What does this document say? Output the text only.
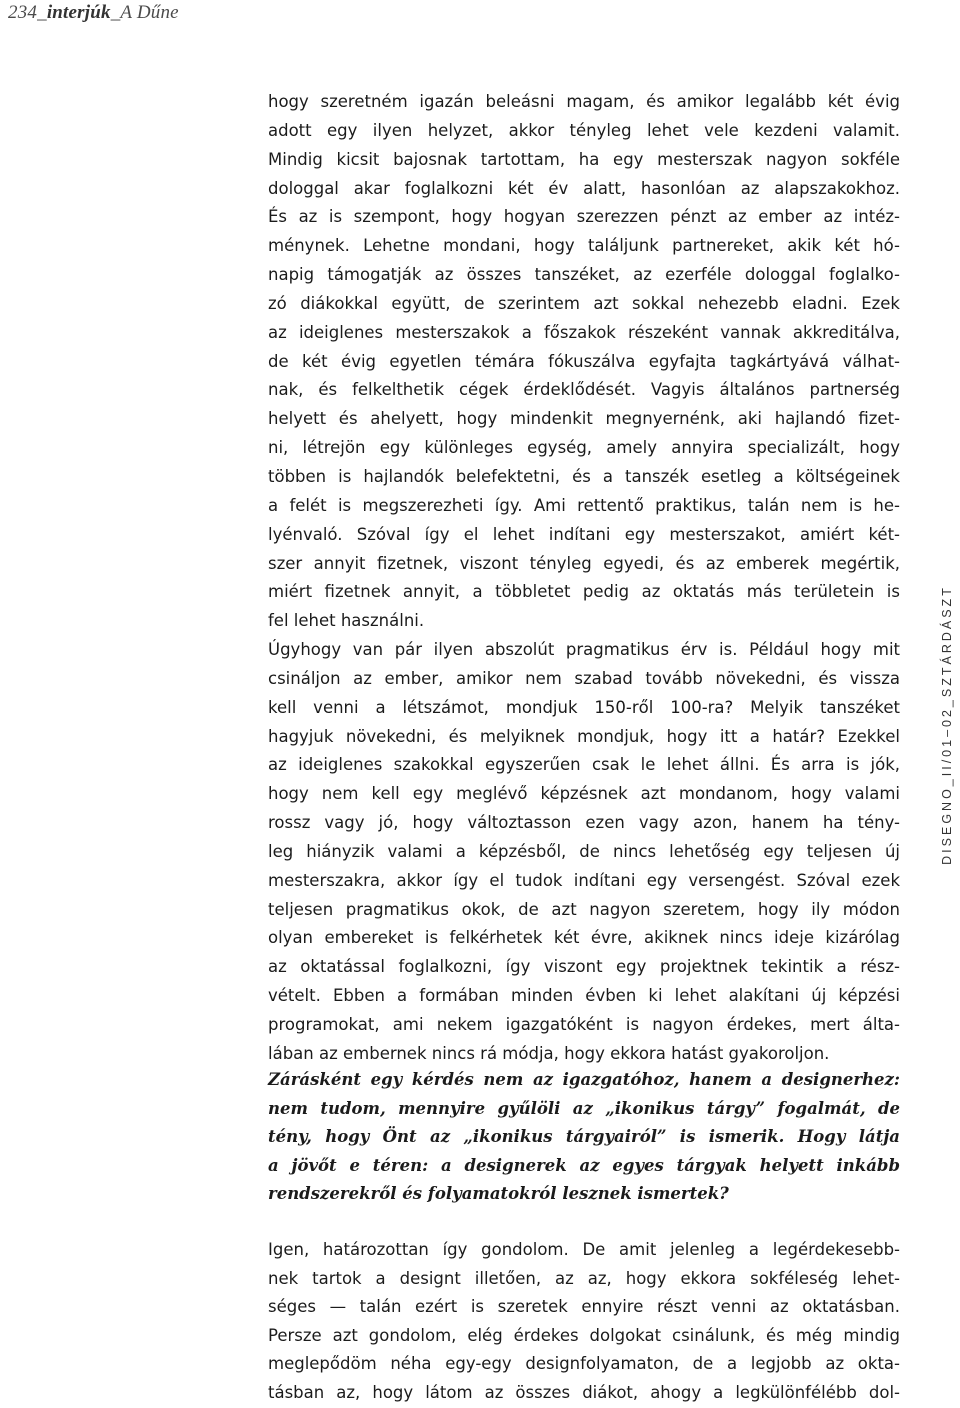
234_interjúk_A Dűne
DISEGNO_II/01–02_SZTÁRDÁSZT
hogy szeretném igazán beleásni magam, és amikor legalább két évig
adott egy ilyen helyzet, akkor tényleg lehet vele kezdeni valamit.
Mindig kicsit bajosnak tartottam, ha egy mesterszak nagyon sokféle
dologgal akar foglalkozni két év alatt, hasonlóan az alapszakokhoz.
És az is szempont, hogy hogyan szerezzen pénzt az ember az intéz-
ménynek. Lehetne mondani, hogy találjunk partnereket, akik két hó-
napig támogatják az összes tanszéket, az ezerféle dologgal foglalko-
zó diákokkal együtt, de szerintem azt sokkal nehezebb eladni. Ezek
az ideiglenes mesterszakok a főszakok részeként vannak akkreditálva,
de két évig egyetlen témára fókuszálva egyfajta tagkártyává válhat-
nak, és felkelthetik cégek érdeklődését. Vagyis általános partnerség
helyett és ahelyett, hogy mindenkit megnyernénk, aki hajlandó fizet-
ni, létrejön egy különleges egység, amely annyira specializált, hogy
többen is hajlandók belefektetni, és a tanszék esetleg a költségeinek
a felét is megszerezheti így. Ami rettentő praktikus, talán nem is he-
lyénvaló. Szóval így el lehet indítani egy mesterszakot, amiért két-
szer annyit fizetnek, viszont tényleg egyedi, és az emberek megértik,
miért fizetnek annyit, a többletet pedig az oktatás más területein is
fel lehet használni.
Úgyhogy van pár ilyen abszolút pragmatikus érv is. Például hogy mit
csináljon az ember, amikor nem szabad tovább növekedni, és vissza
kell venni a létszámot, mondjuk 150-ről 100-ra? Melyik tanszéket
hagyjuk növekedni, és melyiknek mondjuk, hogy itt a határ? Ezekkel
az ideiglenes szakokkal egyszerűen csak le lehet állni. És arra is jók,
hogy nem kell egy meglévő képzésnek azt mondanom, hogy valami
rossz vagy jó, hogy változtasson ezen vagy azon, hanem ha tény-
leg hiányzik valami a képzésből, de nincs lehetőség egy teljesen új
mesterszakra, akkor így el tudok indítani egy versengést. Szóval ezek
teljesen pragmatikus okok, de azt nagyon szeretem, hogy ily módon
olyan embereket is felkérhetek két évre, akiknek nincs ideje kizárólag
az oktatással foglalkozni, így viszont egy projektnek tekintik a rész-
vételt. Ebben a formában minden évben ki lehet alakítani új képzési
programokat, ami nekem igazgatóként is nagyon érdekes, mert álta-
lában az embernek nincs rá módja, hogy ekkora hatást gyakoroljon.
Zárásként egy kérdés nem az igazgatóhoz, hanem a designerhez:
nem tudom, mennyire gyűlöli az „ikonikus tárgy” fogalmát, de
tény, hogy Önt az „ikonikus tárgyairól” is ismerik. Hogy látja
a jövőt e téren: a designerek az egyes tárgyak helyett inkább
rendszerekről és folyamatokról lesznek ismertek?
Igen, határozottan így gondolom. De amit jelenleg a legérdekesebb-
nek tartok a designt illetően, az az, hogy ekkora sokféleség lehet-
séges — talán ezért is szeretek ennyire részt venni az oktatásban.
Persze azt gondolom, elég érdekes dolgokat csinálunk, és még mindig
meglepődöm néha egy-egy designfolyamaton, de a legjobb az okta-
tásban az, hogy látom az összes diákot, ahogy a legkülönfélébb dol-
